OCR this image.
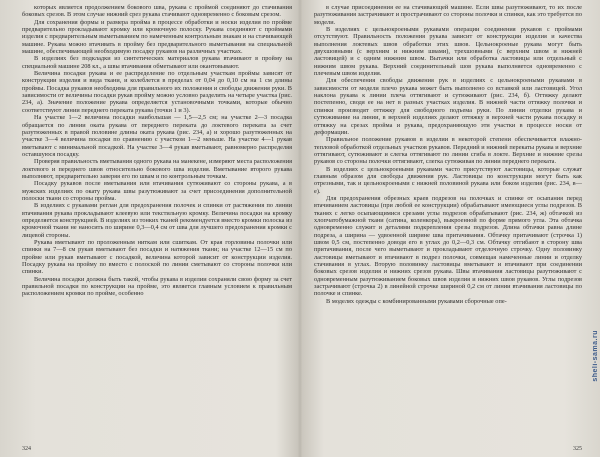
которых является продолжением бокового шва, рукава с проймой соединяют до стачивания боковых срезов. В этом случае нижний срез рукава стачивают одновременно с боковым срезом.

Для сохранения формы и размера пройма в процессе обработки и носки изделия по пройме предварительно прокладывают кромку или кромочную полоску. Рукава соединяют с проймами изделия с предварительным выметыванием по намеченным контрольным знакам и на стачивающей машине. Рукава можно втачивать в пройму без предварительного выметывания на специальной машине, обеспечивающей необходимую посадку рукавов на различных участках.

В изделиях без подкладки из синтетических материалов рукава втачивают в пройму на специальной машине 208 кл., а швы втачивания обметывают или окантовывают.

Величина посадки рукава и ее распределение по отдельным участкам проймы зависят от конструкции изделия и вида ткани, и колеблется в пределах от 0,04 до 0,10 см на 1 см длины проймы. Посадка рукавов необходима для правильного их положения и свободы движения руки. В зависимости от величины посадки рукав пройму можно условно разделить на четыре участка (рис. 234, а). Значение положение рукава определяется установочными точками, которые обычно соответствуют линии переднего переката рукава (точки 1 и 3).

На участке 1—2 величина посадки наибольшая — 1,5—2,5 см; на участке 2—3 посадка обращается по линии оката рукава от переднего переката до локтевого переката за счет разутюженных в правой половине длины оката рукава (рис. 234, а) и хорошо разутюженных на участке 3—4 величина посадки по сравнению с участком 1—2 меньше. На участке 4—1 рукав вметывают с минимальной посадкой. На участке 3—4 рукав вметывают, равномерно распределяя оставшуюся посадку.

Проверяя правильность вметывания одного рукава на манекене, измеряют места расположения локтевого и переднего швов относительно бокового шва изделия. Вметывание второго рукава выполняют, предварительно заверяя его по швам и по контрольным точкам.

Посадку рукавов после вметывания или втачивания сутюживают со стороны рукава, а в мужских изделиях по окату рукава швы разутюживают за счет присоединения дополнительной полоски ткани со стороны пройма.

В изделиях с рукавами реглан для предохранения полочек и спинки от растяжения по линии втачивания рукава прокладывают клеевую или текстильную кромку. Величина посадки на кромку определяется конструкцией. В изделиях из тонких тканей рекомендуется вместо кромки полоска из кромочной ткани не наносить по ширине 0,3—0,4 см от шва для лучшего предохранения кромки с лицевой стороны.

Рукава вметывают по проложенным ниткам или сшиткам. От края горловины полочки или спинки на 7—8 см рукав вметывают без посадки и натяжения ткани; на участке 12—15 см по пройме или рукав вметывают с посадкой, величина которой зависит от конструкции изделия. Посадку рукава на пройму по вместо с полоской по линии сметывают со стороны полочки или спинки.

Величина посадки должна быть такой, чтобы рукава в изделии сохраняли свою форму за счет правильной посадки по конструкции на пройме, это является главным условием к правильным расположением кромки по пройме, особенно

324

в случае присоединения ее на стачивающей машине. Если швы разутюживают, то их после разутюживания застрачивают и прострачивают со стороны полочки и спинки, как это требуется по модели.

В изделиях с цельнокроеными рукавами операции соединения рукавов с проймами отсутствуют. Правильность положения рукава зависит от конструкции изделия и качества выполнения локтевых швов обработки этих швов. Цельнокроеные рукава могут быть двухшовными (с верхним и нижним швами), трехшовными (с верхним швом и нижней ластовицей) и с одним нижним швом. Вытачки или обработка ластовицы или отдельный с нижним швом рукава. Верхний соединительный шов рукава выполняется одновременно с плечевым швом изделия.

Для обеспечения свободы движения рук в изделиях с цельнокроеными рукавами в зависимости от модели плечо рукава может быть выполнено со вставкой или ластовицей. Угол наклона рукава к линии плеча оттягивают и сутюживают (рис. 234, б). Оттяжку делают постепенно, сводя ее на нет в разных участках изделия. В нижней части оттяжку полочки и спинки производят оттяжку для свободного подъема руки. По линии отделки рукава и сутюживание на линии, в верхней изделиях делают оттяжку в верхней части рукава посадку и оттяжку на срезах пройма и рукава, предохраняющую эти участки в процессе носки от деформации.

Правильное положение рукавов в изделии в некоторой степени обеспечивается влажно-тепловой обработкой отдельных участков рукавов. Передний и нижний перекаты рукава и верхние оттягивают, сутюживают и слегка оттягивают по линии сгиба в локте. Верхние и нижние срезы рукавов со стороны полочки оттягивают, слегка сутюживая по линии переднего переката.

В изделиях с цельнокроеными рукавами часто присутствуют ластовицы, которые служат главным образом для свободы движения рук. Ластовицы по конструкции могут быть как отрезными, так и цельнокроеными с нижней половиной рукава или боком изделия (рис. 234, в—е).

Для предохранения обрезных краев подрезов на полочках и спинке от осыпания перед втачиванием ластовицы (при любой ее конструкции) обрабатывают имеющиеся углы подрезов. В тканях с легко осыпающимися срезами углы подрезов обрабатывают (рис. 234, ж) обтачкой из хлопчатобумажной ткани (сатина, коленкора), выкроенной по форме прямого угла. Эта обтачка одновременно служит и деталями подкрепления срезы подрезов. Длина обтачки равна длине подреза, а ширина — удвоенной ширине шва притачивания. Обтачку притачивают (строчка 1) швом 0,5 см, постепенно доводя его в углах до 0,2—0,3 см. Обтачку отгибают в сторону шва притачивания, после чего выметывают и прокладывают отделочную строчку. Одну половинку ластовицы вметывают и втачивают в подрез полочки, совмещая намеченные линии и отделку стачивания в углах. Вторую половинку ластовицы вметывают и втачивают при соединении боковых срезов изделия и нижних срезов рукава. Швы втачивания ластовицы разутюживают с одновременным разутюживанием боковых швов изделия и нижних швов рукавов. Углы подрезов застрачивают (строчка 2) в линейной строчке шириной 0,2 см от линии втачивания ластовицы по полочке и спинке.

В моделях одежды с комбинированными рукавами сборочные опе-

325
sheli-sama.ru
